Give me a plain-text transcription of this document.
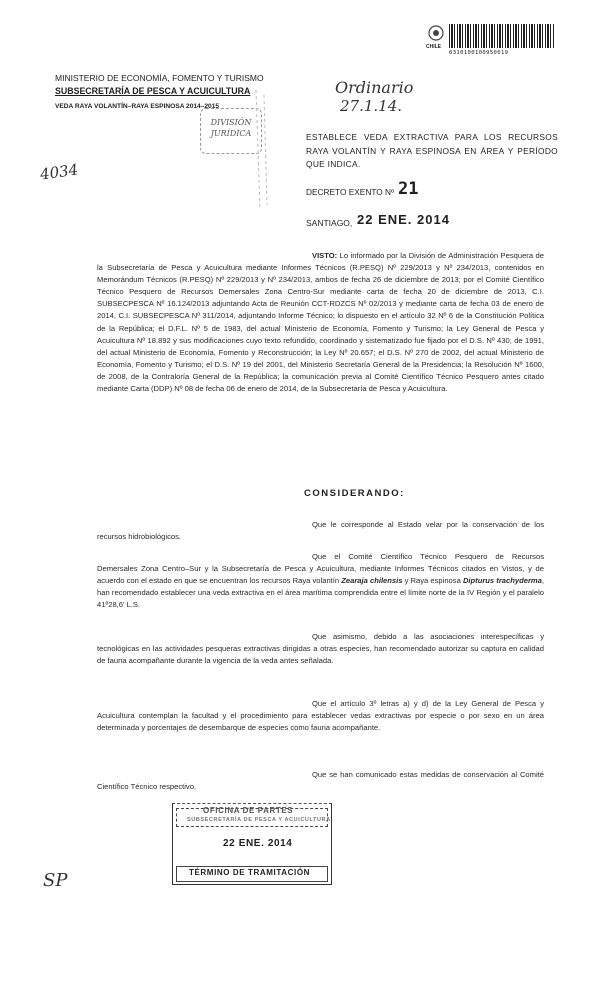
CHILE
0310100100950019
MINISTERIO DE ECONOMÍA, FOMENTO Y TURISMO
SUBSECRETARÍA DE PESCA Y ACUICULTURA
VEDA RAYA VOLANTÍN–RAYA ESPINOSA 2014–2015
DIVISIÓN JURÍDICA
4034
Ordinario
27.1.14.
ESTABLECE VEDA EXTRACTIVA PARA LOS RECURSOS RAYA VOLANTÍN Y RAYA ESPINOSA EN ÁREA Y PERÍODO QUE INDICA.
DECRETO EXENTO Nº 21
SANTIAGO, 22 ENE. 2014
VISTO: Lo informado por la División de Administración Pesquera de la Subsecretaría de Pesca y Acuicultura mediante Informes Técnicos (R.PESQ) Nº 229/2013 y Nº 234/2013, contenidos en Memorándum Técnicos (R.PESQ) Nº 229/2013 y Nº 234/2013, ambos de fecha 26 de diciembre de 2013; por el Comité Científico Técnico Pesquero de Recursos Demersales Zona Centro-Sur mediante carta de fecha 20 de diciembre de 2013, C.I. SUBSECPESCA Nº 16.124/2013 adjuntando Acta de Reunión CCT-RDZCS Nº 02/2013 y mediante carta de fecha 03 de enero de 2014, C.I. SUBSECPESCA Nº 311/2014, adjuntando Informe Técnico; lo dispuesto en el artículo 32 Nº 6 de la Constitución Política de la República; el D.F.L. Nº 5 de 1983, del actual Ministerio de Economía, Fomento y Turismo; la Ley General de Pesca y Acuicultura Nº 18.892 y sus modificaciones cuyo texto refundido, coordinado y sistematizado fue fijado por el D.S. Nº 430, de 1991, del actual Ministerio de Economía, Fomento y Reconstrucción; la Ley Nº 20.657; el D.S. Nº 270 de 2002, del actual Ministerio de Economía, Fomento y Turismo; el D.S. Nº 19 del 2001, del Ministerio Secretaría General de la Presidencia; la Resolución Nº 1600, de 2008, de la Contraloría General de la República; la comunicación previa al Comité Científico Técnico Pesquero antes citado mediante Carta (DDP) Nº 08 de fecha 06 de enero de 2014, de la Subsecretaría de Pesca y Acuicultura.
CONSIDERANDO:
Que le corresponde al Estado velar por la conservación de los recursos hidrobiológicos.
Que el Comité Científico Técnico Pesquero de Recursos Demersales Zona Centro–Sur y la Subsecretaría de Pesca y Acuicultura, mediante Informes Técnicos citados en Vistos, y de acuerdo con el estado en que se encuentran los recursos Raya volantín Zearaja chilensis y Raya espinosa Dipturus trachyderma, han recomendado establecer una veda extractiva en el área marítima comprendida entre el límite norte de la IV Región y el paralelo 41º28,6' L.S.
Que asimismo, debido a las asociaciones interespecíficas y tecnológicas en las actividades pesqueras extractivas dirigidas a otras especies, han recomendado autorizar su captura en calidad de fauna acompañante durante la vigencia de la veda antes señalada.
Que el artículo 3º letras a) y d) de la Ley General de Pesca y Acuicultura contemplan la facultad y el procedimiento para establecer vedas extractivas por especie o por sexo en un área determinada y porcentajes de desembarque de especies como fauna acompañante.
Que se han comunicado estas medidas de conservación al Comité Científico Técnico respectivo.
OFICINA DE PARTES
SUBSECRETARÍA DE PESCA Y ACUICULTURA
22 ENE. 2014
TÉRMINO DE TRAMITACIÓN
SP
